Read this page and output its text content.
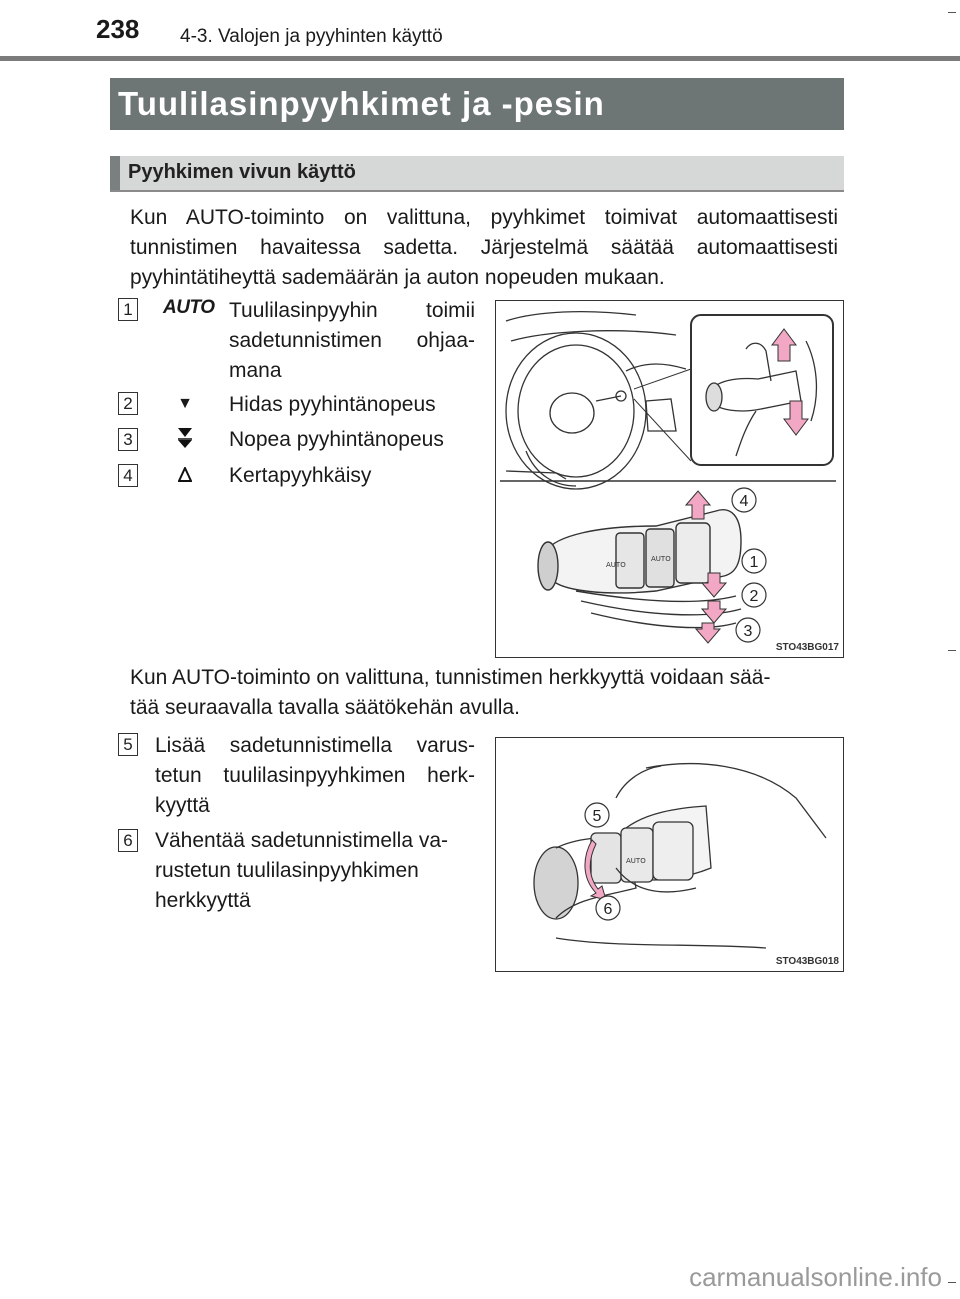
238 4-3. Valojen ja pyyhinten käyttö
Tuulilasinpyyhkimet ja -pesin
Pyyhkimen vivun käyttö
Kun AUTO-toiminto on valittuna, pyyhkimet toimivat automaattisesti tunnistimen havaitessa sadetta. Järjestelmä säätää automaattisesti pyyhintätiheyttä sademäärän ja auton nopeuden mukaan.
1 AUTO Tuulilasinpyyhin toimii
sadetunnistimen ohjaa-
mana
2	▼	Hidas pyyhintänopeus
3	Nopea pyyhintänopeus
4	Kertapyyhkäisy
AUTO
AUTO
4
1
2
3
STO43BG017
Kun AUTO-toiminto on valittuna, tunnistimen herkkyyttä voidaan sää-
tää seuraavalla tavalla säätökehän avulla.
5 Lisää sadetunnistimella varus-
tetun tuulilasinpyyhkimen herk-
kyyttä
6 Vähentää sadetunnistimella va-
rustetun tuulilasinpyyhkimen
herkkyyttä
AUTO
5
6
STO43BG018
carmanualsonline.info
